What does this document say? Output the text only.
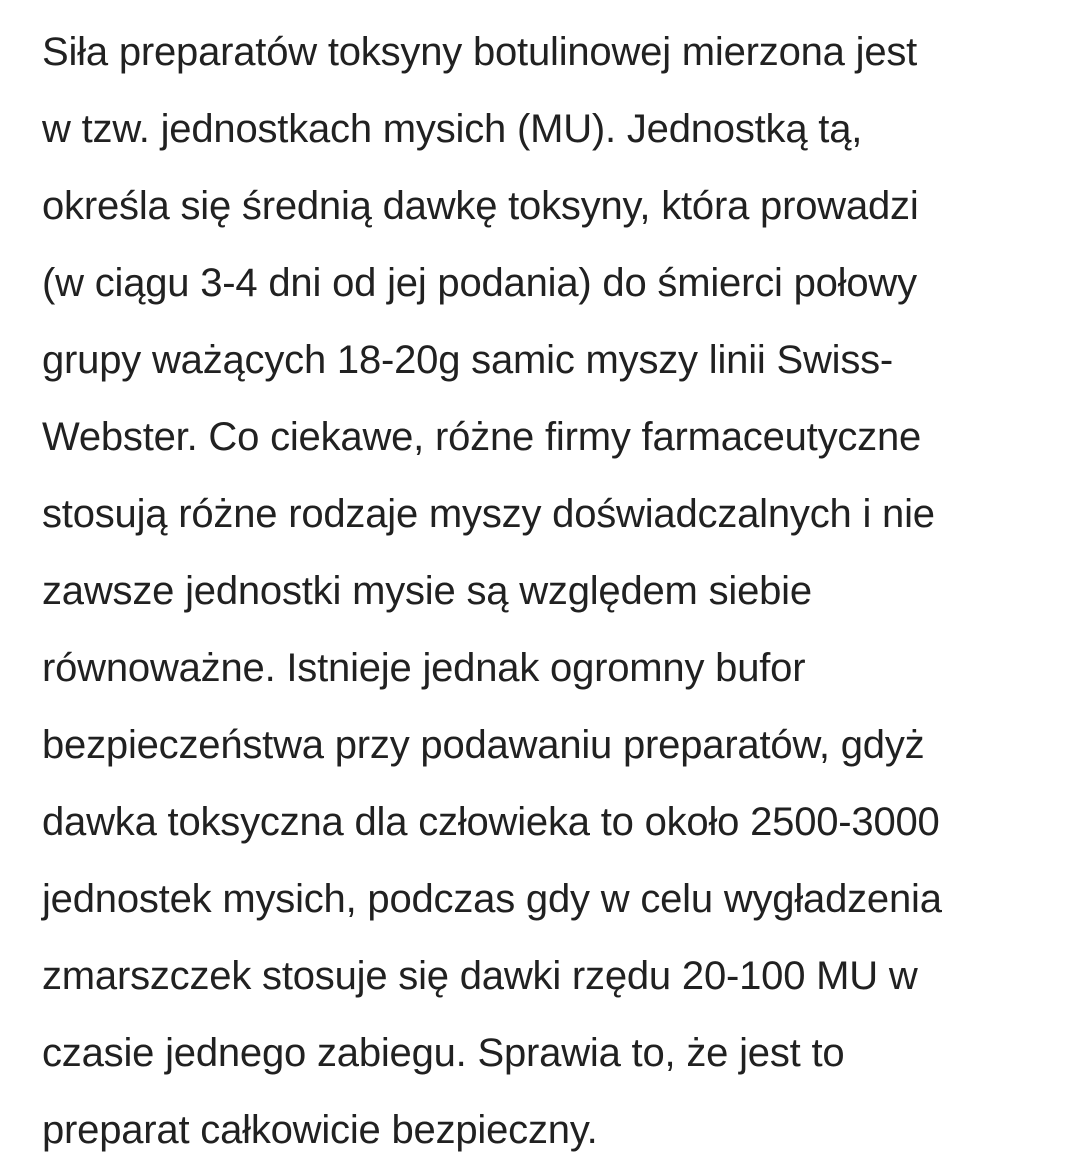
Siła preparatów toksyny botulinowej mierzona jest
w tzw. jednostkach mysich (MU). Jednostką tą,
określa się średnią dawkę toksyny, która prowadzi
(w ciągu 3-4 dni od jej podania) do śmierci połowy
grupy ważących 18-20g samic myszy linii Swiss-
Webster. Co ciekawe, różne firmy farmaceutyczne
stosują różne rodzaje myszy doświadczalnych i nie
zawsze jednostki mysie są względem siebie
równoważne. Istnieje jednak ogromny bufor
bezpieczeństwa przy podawaniu preparatów, gdyż
dawka toksyczna dla człowieka to około 2500-3000
jednostek mysich, podczas gdy w celu wygładzenia
zmarszczek stosuje się dawki rzędu 20-100 MU w
czasie jednego zabiegu. Sprawia to, że jest to
preparat całkowicie bezpieczny.
